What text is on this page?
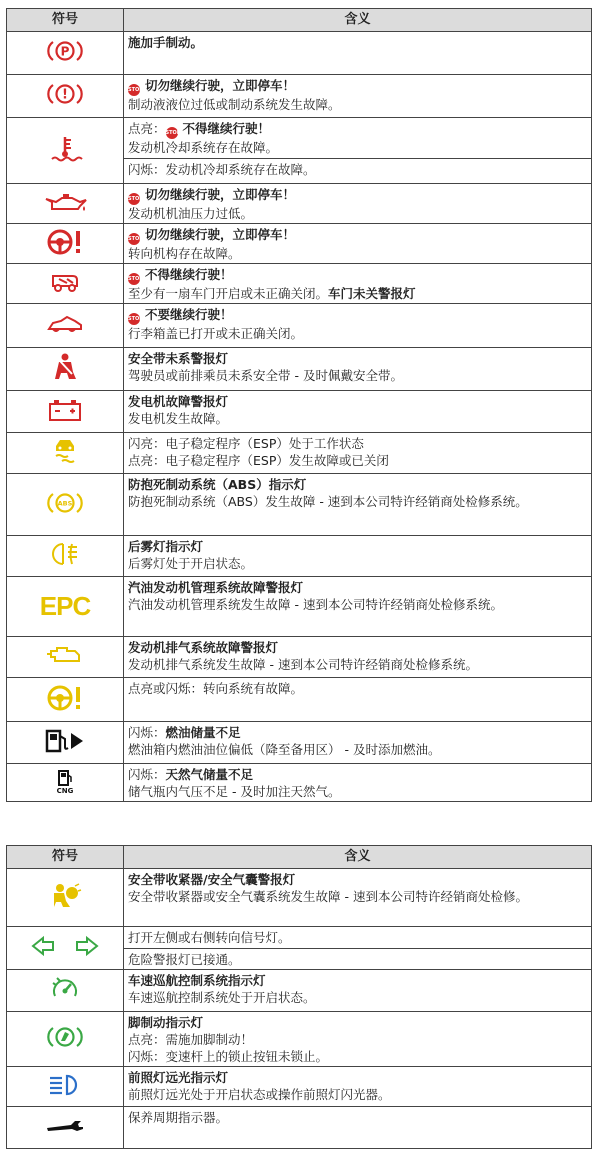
符号	含义

P	施加手制动。

!	STOP 切勿继续行驶，立即停车！
制动液液位过低或制动系统发生故障。

点亮：STOP 不得继续行驶！
发动机冷却系统存在故障。
闪烁：发动机冷却系统存在故障。

STOP 切勿继续行驶，立即停车！
发动机机油压力过低。

STOP 切勿继续行驶，立即停车！
转向机构存在故障。

STOP 不得继续行驶！
至少有一扇车门开启或未正确关闭。车门未关警报灯

STOP 不要继续行驶！
行李箱盖已打开或未正确关闭。

安全带未系警报灯
驾驶员或前排乘员未系安全带 - 及时佩戴安全带。

发电机故障警报灯
发电机发生故障。

闪亮：电子稳定程序（ESP）处于工作状态
点亮：电子稳定程序（ESP）发生故障或已关闭

ABS	防抱死制动系统（ABS）指示灯
防抱死制动系统（ABS）发生故障 - 速到本公司特许经销商处检修系统。

后雾灯指示灯
后雾灯处于开启状态。

EPC	汽油发动机管理系统故障警报灯
汽油发动机管理系统发生故障 - 速到本公司特许经销商处检修系统。

发动机排气系统故障警报灯
发动机排气系统发生故障 - 速到本公司特许经销商处检修系统。

点亮或闪烁：转向系统有故障。

闪烁：燃油储量不足
燃油箱内燃油油位偏低（降至备用区） - 及时添加燃油。

CNG	闪烁：天然气储量不足
储气瓶内气压不足 - 及时加注天然气。
符号	含义

安全带收紧器/安全气囊警报灯
安全带收紧器或安全气囊系统发生故障 - 速到本公司特许经销商处检修。

打开左侧或右侧转向信号灯。
危险警报灯已接通。

车速巡航控制系统指示灯
车速巡航控制系统处于开启状态。

脚制动指示灯
点亮：需施加脚制动！
闪烁：变速杆上的锁止按钮未锁止。

前照灯远光指示灯
前照灯远光处于开启状态或操作前照灯闪光器。

保养周期指示器。
